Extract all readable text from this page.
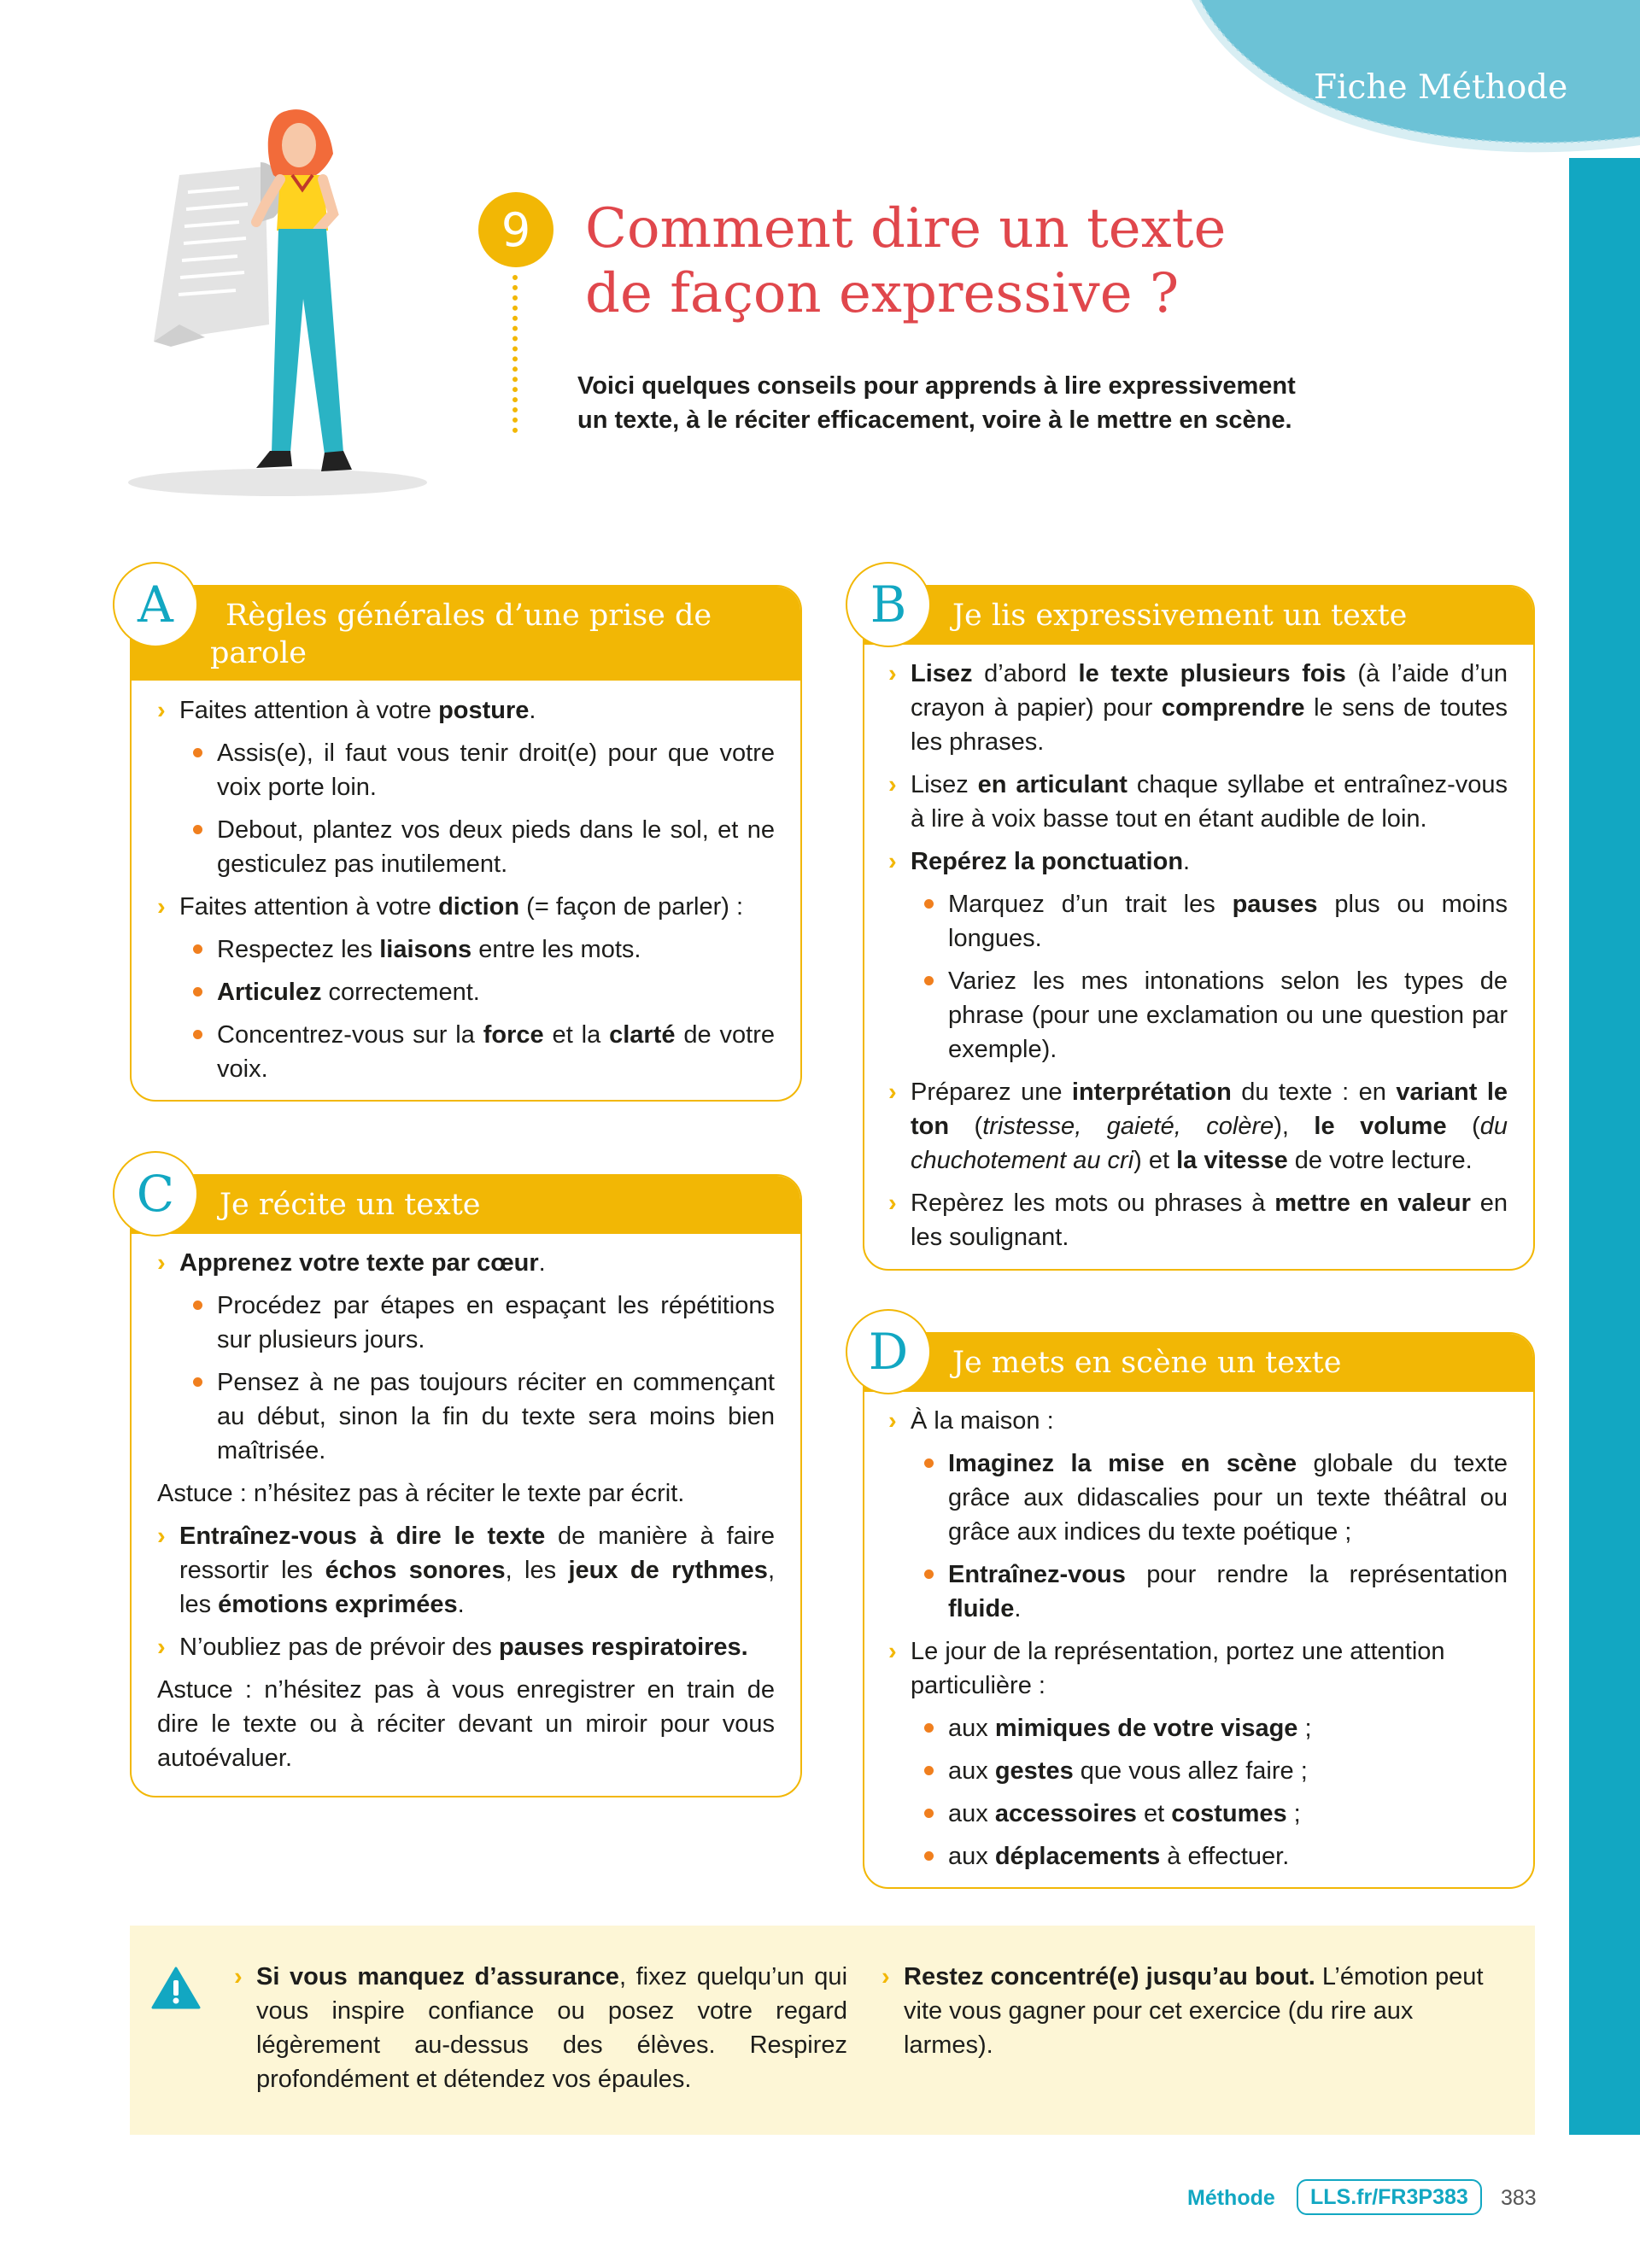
Fiche Méthode
9 Comment dire un texte
de façon expressive ?

Voici quelques conseils pour apprends à lire expressivement
un texte, à le réciter efficacement, voire à le mettre en scène.

Règles générales d’une prise de
parole
› Faites attention à votre posture.
Assis(e), il faut vous tenir droit(e) pour que votre voix porte loin.
Debout, plantez vos deux pieds dans le sol, et ne gesticulez pas inutilement.
› Faites attention à votre diction (= façon de parler) :
Respectez les liaisons entre les mots.
Articulez correctement.
Concentrez-vous sur la force et la clarté de votre voix.
A	Je lis expressivement un texte
› Lisez d’abord le texte plusieurs fois (à l’aide d’un crayon à papier) pour comprendre le sens de toutes les phrases.
› Lisez en articulant chaque syllabe et entraînez-vous à lire à voix basse tout en étant audible de loin.
› Repérez la ponctuation.
Marquez d’un trait les pauses plus ou moins longues.
Variez les mes intonations selon les types de phrase (pour une exclamation ou une question par exemple).
› Préparez une interprétation du texte : en variant le ton (tristesse, gaieté, colère), le volume (du chuchotement au cri) et la vitesse de votre lecture.
› Repèrez les mots ou phrases à mettre en valeur en les soulignant.
B
Je récite un texte
› Apprenez votre texte par cœur.
Procédez par étapes en espaçant les répétitions sur plusieurs jours.
Pensez à ne pas toujours réciter en commençant au début, sinon la fin du texte sera moins bien maîtrisée.
Astuce : n’hésitez pas à réciter le texte par écrit.
› Entraînez-vous à dire le texte de manière à faire ressortir les échos sonores, les jeux de rythmes, les émotions exprimées.
› N’oubliez pas de prévoir des pauses respiratoires.
Astuce : n’hésitez pas à vous enregistrer en train de dire le texte ou à réciter devant un miroir pour vous autoévaluer.
C
Je mets en scène un texte
› À la maison :
Imaginez la mise en scène globale du texte grâce aux didascalies pour un texte théâtral ou grâce aux indices du texte poétique ;
Entraînez-vous pour rendre la représentation fluide.
› Le jour de la représentation, portez une attention particulière :
aux mimiques de votre visage ;
aux gestes que vous allez faire ;
aux accessoires et costumes ;
aux déplacements à effectuer.
D
› Si vous manquez d’assurance, fixez quelqu’un qui vous inspire confiance ou posez votre regard légèrement au-dessus des élèves. Respirez profondément et détendez vos épaules.
› Restez concentré(e) jusqu’au bout. L’émotion peut vite vous gagner pour cet exercice (du rire aux larmes).
Méthode	LLS.fr/FR3P383	383
